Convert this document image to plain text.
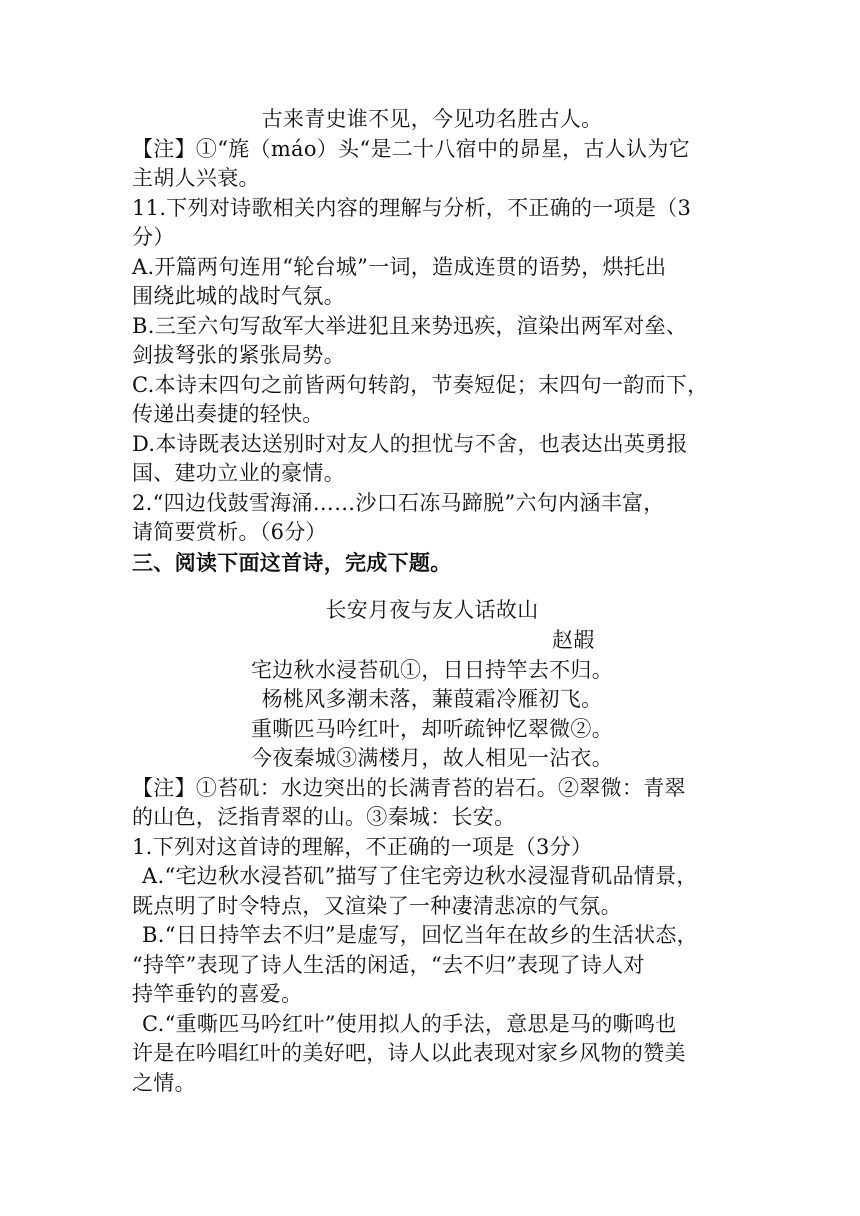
古来青史谁不见，今见功名胜古人。
【注】①“旄（máo）头“是二十八宿中的昴星，古人认为它
主胡人兴衰。
11.下列对诗歌相关内容的理解与分析，不正确的一项是（3
分）
A.开篇两句连用“轮台城”一词，造成连贯的语势，烘托出
围绕此城的战时气氛。
B.三至六句写敌军大举进犯且来势迅疾，渲染出两军对垒、
剑拔弩张的紧张局势。
C.本诗末四句之前皆两句转韵，节奏短促；末四句一韵而下，
传递出奏捷的轻快。
D.本诗既表达送别时对友人的担忧与不舍，也表达出英勇报
国、建功立业的豪情。
2.“四边伐鼓雪海涌……沙口石冻马蹄脱”六句内涵丰富，
请简要赏析。（6分）
三、阅读下面这首诗，完成下题。
长安月夜与友人话故山
赵嘏
宅边秋水浸苔矶①，日日持竿去不归。
杨桃风多潮未落，蒹葭霜冷雁初飞。
重嘶匹马吟红叶，却听疏钟忆翠微②。
今夜秦城③满楼月，故人相见一沾衣。
【注】①苔矶：水边突出的长满青苔的岩石。②翠微：青翠
的山色，泛指青翠的山。③秦城：长安。
1.下列对这首诗的理解，不正确的一项是（3分）
A.“宅边秋水浸苔矶”描写了住宅旁边秋水浸湿背矶品情景，
既点明了时令特点，又渲染了一种凄清悲凉的气氛。
B.“日日持竿去不归”是虚写，回忆当年在故乡的生活状态，
“持竿”表现了诗人生活的闲适，“去不归”表现了诗人对
持竿垂钓的喜爱。
C.“重嘶匹马吟红叶”使用拟人的手法，意思是马的嘶鸣也
许是在吟唱红叶的美好吧，诗人以此表现对家乡风物的赞美
之情。
